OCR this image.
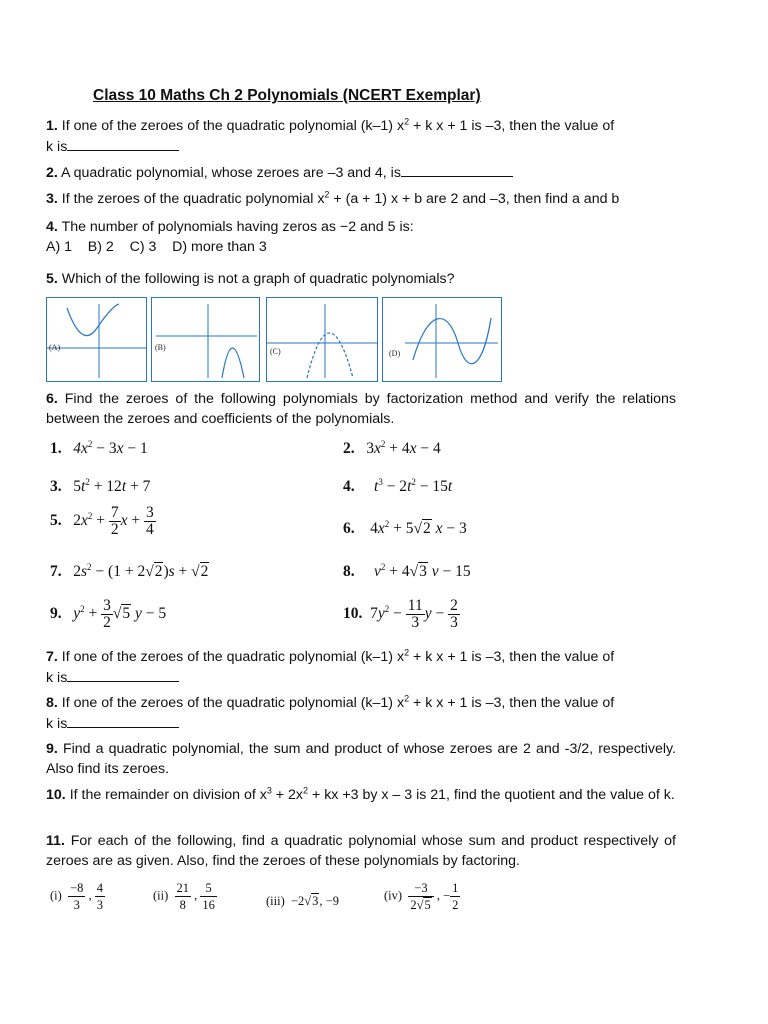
Class 10 Maths Ch 2 Polynomials (NCERT Exemplar)
1. If one of the zeroes of the quadratic polynomial (k–1) $x^2 + k$ x + 1 is –3, then the value of
k is
2. A quadratic polynomial, whose zeroes are –3 and 4, is
3. If the zeroes of the quadratic polynomial $x^2 + (a + 1) x + b$ are 2 and –3, then find a and b
4. The number of polynomials having zeros as −2 and 5 is:
A) 1    B) 2    C) 3    D) more than 3
5. Which of the following is not a graph of quadratic polynomials?
(A)	(B)	(C)	(D)
6. Find the zeroes of the following polynomials by factorization method and verify the relations between the zeroes and coefficients of the polynomials.
1. $4x^2 - 3x - 1$	2.   $3x^2 + 4x - 4$
3.   $5t^2 + 12t + 7$	4. $t^3 - 2t^2 - 15t$
5.   $2x^2 + \frac{7}{2}$ $x + \frac{3}{4}$	6.    $4x^2 + 5√2$ x − 3
7.   $2s^2 - (1 + 2√2)s + √2$	8. $v^2 + 4√3$ v − 15
9. $y^2 + \frac{3}{2} √5$ y − 5	10.  $7y^2 - \frac{11}{3}$ $y - \frac{2}{3}$
7. If one of the zeroes of the quadratic polynomial (k–1) $x^2 + k$ x + 1 is –3, then the value of
k is
8. If one of the zeroes of the quadratic polynomial (k–1) $x^2 + k$ x + 1 is –3, then the value of
k is
9. Find a quadratic polynomial, the sum and product of whose zeroes are 2 and -3/2, respectively. Also find its zeroes.
10. If the remainder on division of $x^3 + 2x^2$ + kx +3 by x – 3 is 21, find the quotient and the value of k.
11. For each of the following, find a quadratic polynomial whose sum and product respectively of zeroes are as given. Also, find the zeroes of these polynomials by factoring.
$(i) \frac{-8}{3}$ , $\frac{4}{3}$	$(ii) \frac{21}{8}$ , $\frac{5}{16}$	(iii)  −2√3, −9	$(iv) \frac{-3}{2√5}$ , − $\frac{1}{2}$
